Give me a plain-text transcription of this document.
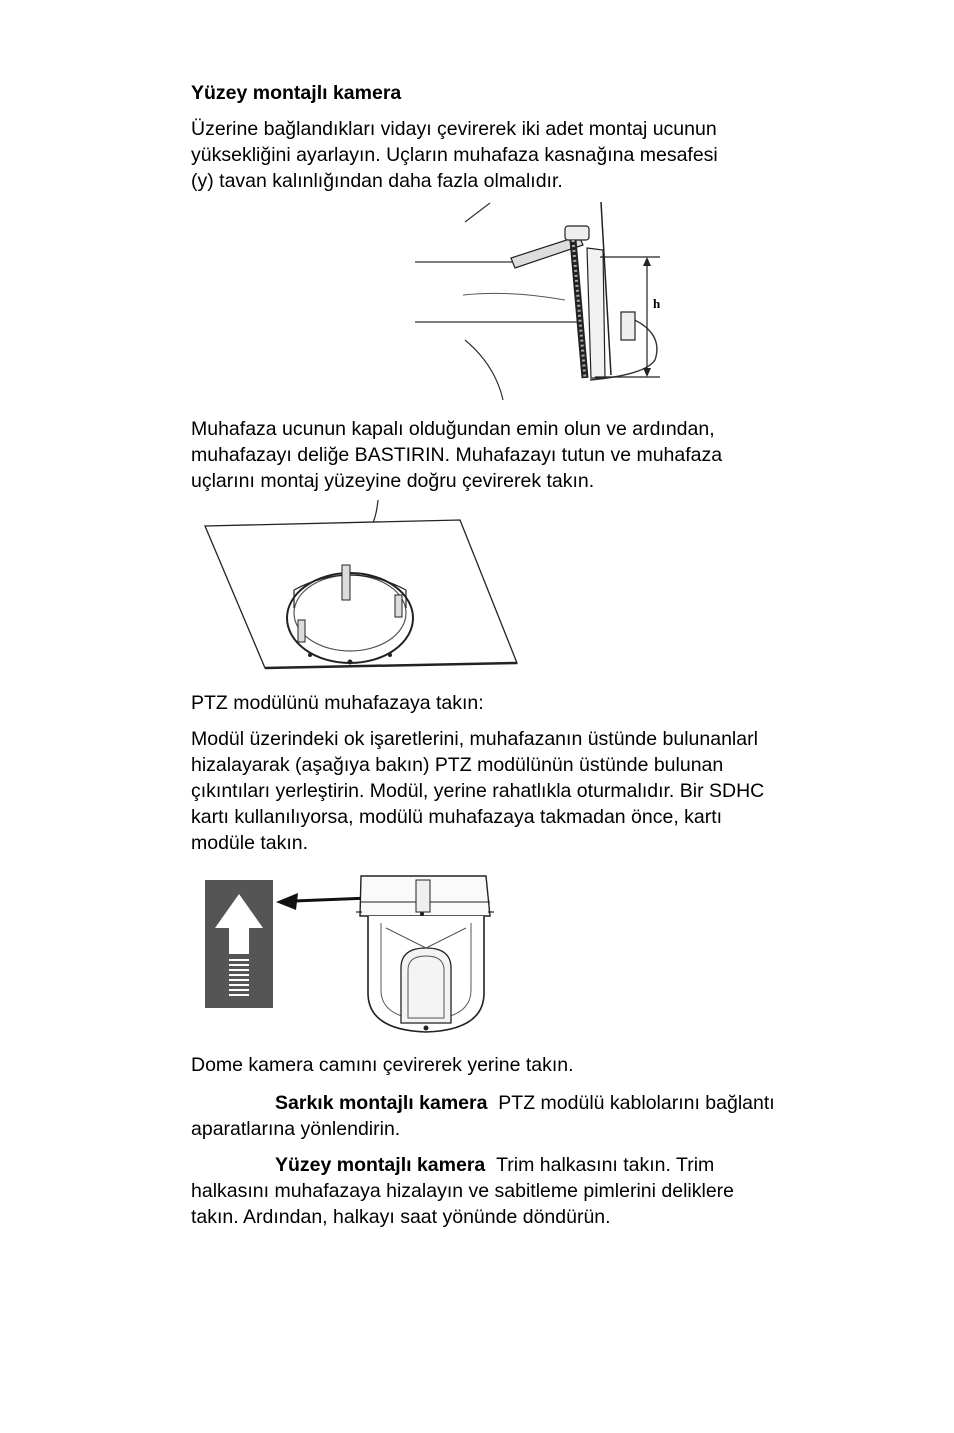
Yüzey montajlı kamera

Üzerine bağlandıkları vidayı çevirerek iki adet montaj ucunun

yüksekliğini ayarlayın. Uçların muhafaza kasnağına mesafesi

(y) tavan kalınlığından daha fazla olmalıdır.

h

Muhafaza ucunun kapalı olduğundan emin olun ve ardından,

muhafazayı deliğe BASTIRIN. Muhafazayı tutun ve muhafaza

uçlarını montaj yüzeyine doğru çevirerek takın.

PTZ modülünü muhafazaya takın:

Modül üzerindeki ok işaretlerini, muhafazanın üstünde bulunanlarl

hizalayarak (aşağıya bakın) PTZ modülünün üstünde bulunan

çıkıntıları yerleştirin. Modül, yerine rahatlıkla oturmalıdır. Bir SDHC

kartı kullanılıyorsa, modülü muhafazaya takmadan önce, kartı

modüle takın.

Dome kamera camını çevirerek yerine takın.

Sarkık montajlı kamera PTZ modülü kablolarını bağlantı

aparatlarına yönlendirin.

Yüzey montajlı kamera Trim halkasını takın. Trim

halkasını muhafazaya hizalayın ve sabitleme pimlerini deliklere

takın. Ardından, halkayı saat yönünde döndürün.
